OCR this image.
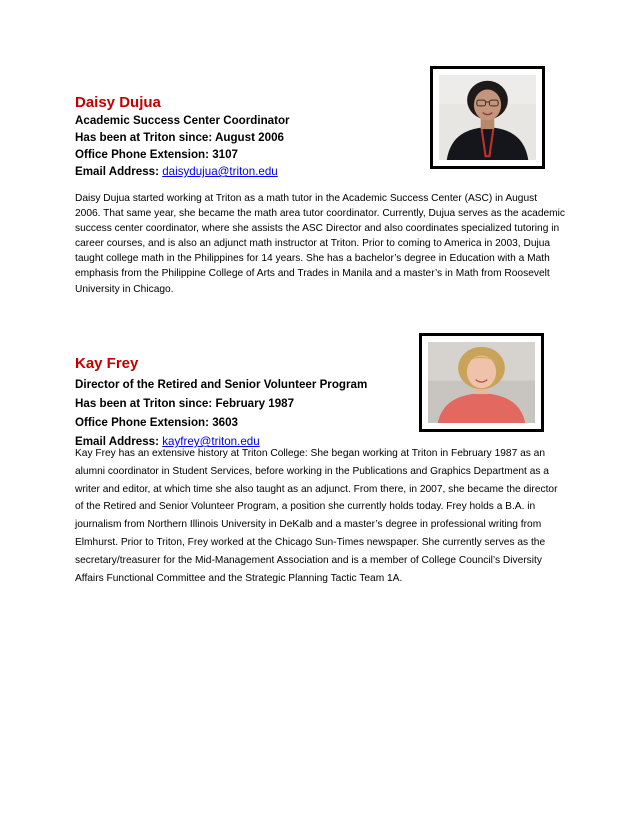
Daisy Dujua

Academic Success Center Coordinator

Has been at Triton since: August 2006

Office Phone Extension: 3107

Email Address: daisydujua@triton.edu

Daisy Dujua started working at Triton as a math tutor in the Academic Success Center (ASC) in August 2006. That same year, she became the math area tutor coordinator. Currently, Dujua serves as the academic success center coordinator, where she assists the ASC Director and also coordinates specialized tutoring in career courses, and is also an adjunct math instructor at Triton. Prior to coming to America in 2003, Dujua taught college math in the Philippines for 14 years. She has a bachelor’s degree in Education with a Math emphasis from the Philippine College of Arts and Trades in Manila and a master’s in Math from Roosevelt University in Chicago.

Kay Frey

Director of the Retired and Senior Volunteer Program

Has been at Triton since: February 1987

Office Phone Extension: 3603

Email Address: kayfrey@triton.edu

Kay Frey has an extensive history at Triton College: She began working at Triton in February 1987 as an alumni coordinator in Student Services, before working in the Publications and Graphics Department as a writer and editor, at which time she also taught as an adjunct. From there, in 2007, she became the director of the Retired and Senior Volunteer Program, a position she currently holds today. Frey holds a B.A. in journalism from Northern Illinois University in DeKalb and a master’s degree in professional writing from Elmhurst. Prior to Triton, Frey worked at the Chicago Sun-Times newspaper. She currently serves as the secretary/treasurer for the Mid-Management Association and is a member of College Council’s Diversity Affairs Functional Committee and the Strategic Planning Tactic Team 1A.
